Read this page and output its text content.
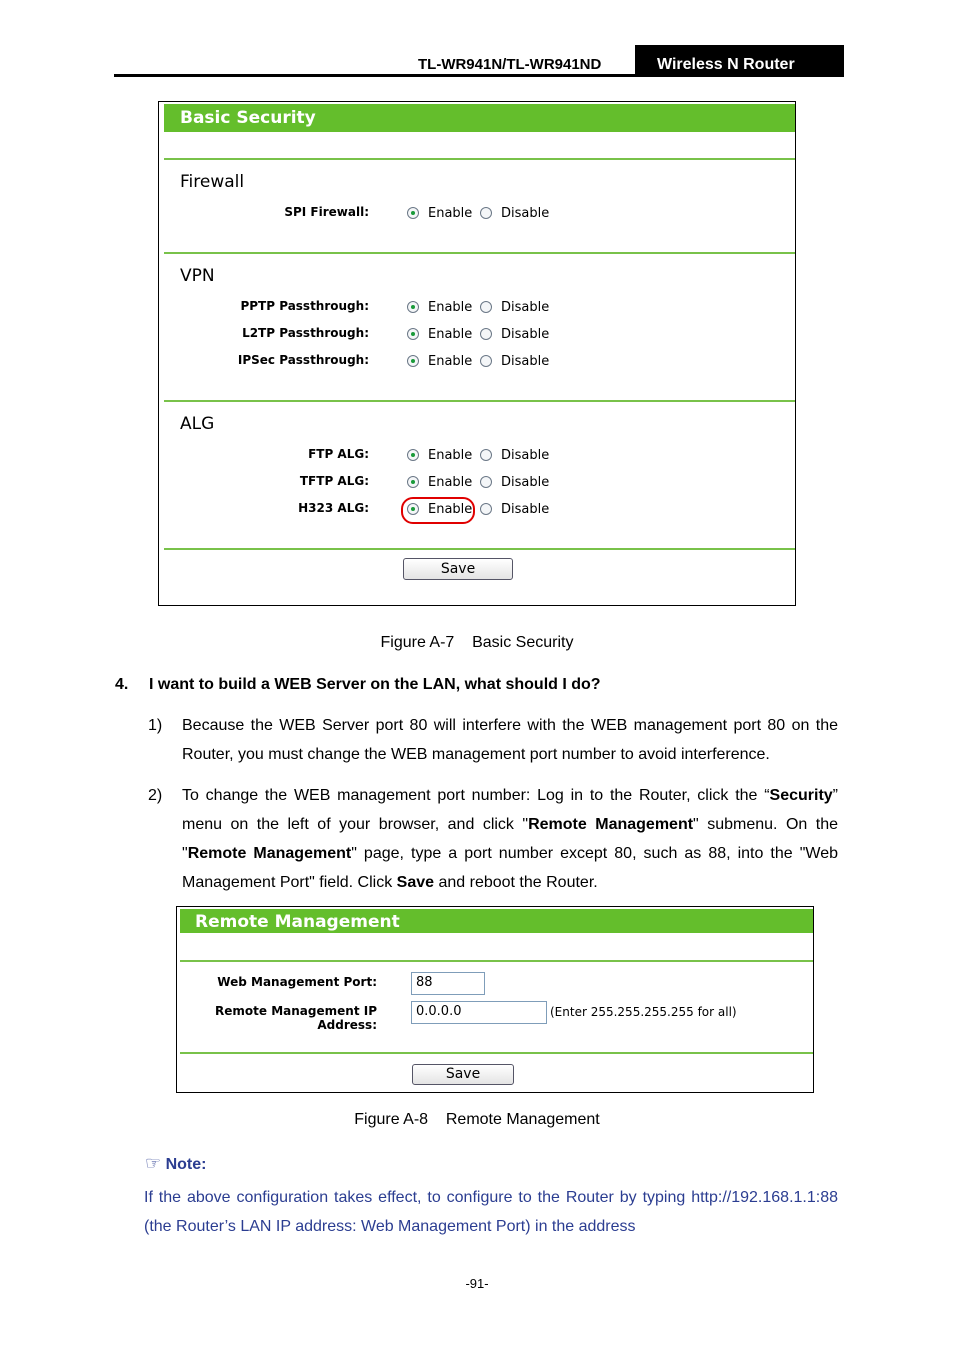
TL-WR941N/TL-WR941ND	Wireless N Router
Basic Security
Firewall
SPI Firewall:	Enable Disable
VPN
PPTP Passthrough:	Enable Disable
L2TP Passthrough:	Enable Disable
IPSec Passthrough:	Enable Disable
ALG
FTP ALG:	Enable Disable
TFTP ALG:	Enable Disable
H323 ALG:	Enable Disable
Save
Figure A-7    Basic Security
4. I want to build a WEB Server on the LAN, what should I do?
1) Because the WEB Server port 80 will interfere with the WEB management port 80 on the Router, you must change the WEB management port number to avoid interference.
2) To change the WEB management port number: Log in to the Router, click the “Security” menu on the left of your browser, and click "Remote Management" submenu. On the "Remote Management" page, type a port number except 80, such as 88, into the "Web Management Port" field. Click Save and reboot the Router.
Remote Management
Web Management Port:	88
Remote Management IP Address:
0.0.0.0	(Enter 255.255.255.255 for all)
Save
Figure A-8    Remote Management
☞ Note:
If the above configuration takes effect, to configure to the Router by typing http://192.168.1.1:88 (the Router’s LAN IP address: Web Management Port) in the address
-91-
